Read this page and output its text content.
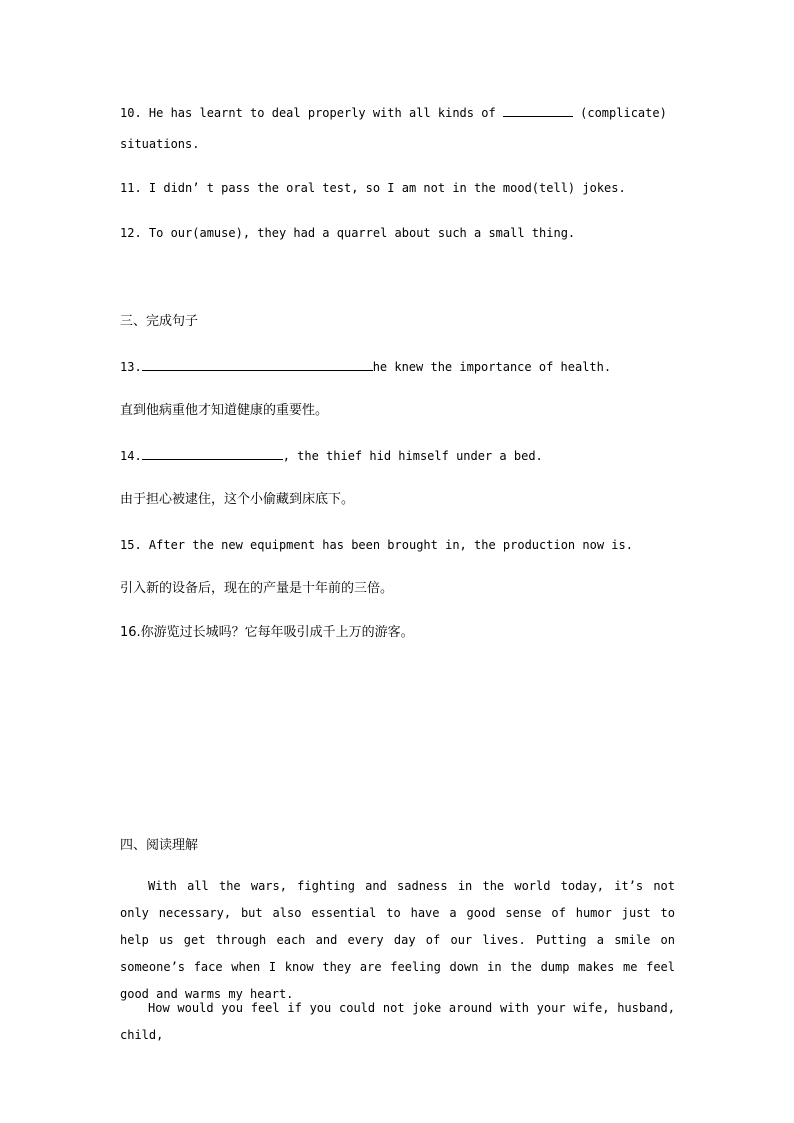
10. He has learnt to deal properly with all kinds of	(complicate)
situations.
11. I didn’ t pass the oral test, so I am not in the mood(tell) jokes.
12. To our(amuse), they had a quarrel about such a small thing.
三、完成句子
13.	he knew the importance of health.
直到他病重他才知道健康的重要性。
14.	, the thief hid himself under a bed.
由于担心被逮住，这个小偷藏到床底下。
15. After the new equipment has been brought in, the production now is.
引入新的设备后，现在的产量是十年前的三倍。
16.你游览过长城吗？它每年吸引成千上万的游客。
四、阅读理解
With all the wars, fighting and sadness in the world today, it’s not only necessary, but also essential to have a good sense of humor just to help us get through each and every day of our lives. Putting a smile on someone’s face when I know they are feeling down in the dump makes me feel good and warms my heart.
How would you feel if you could not joke around with your wife, husband, child,
